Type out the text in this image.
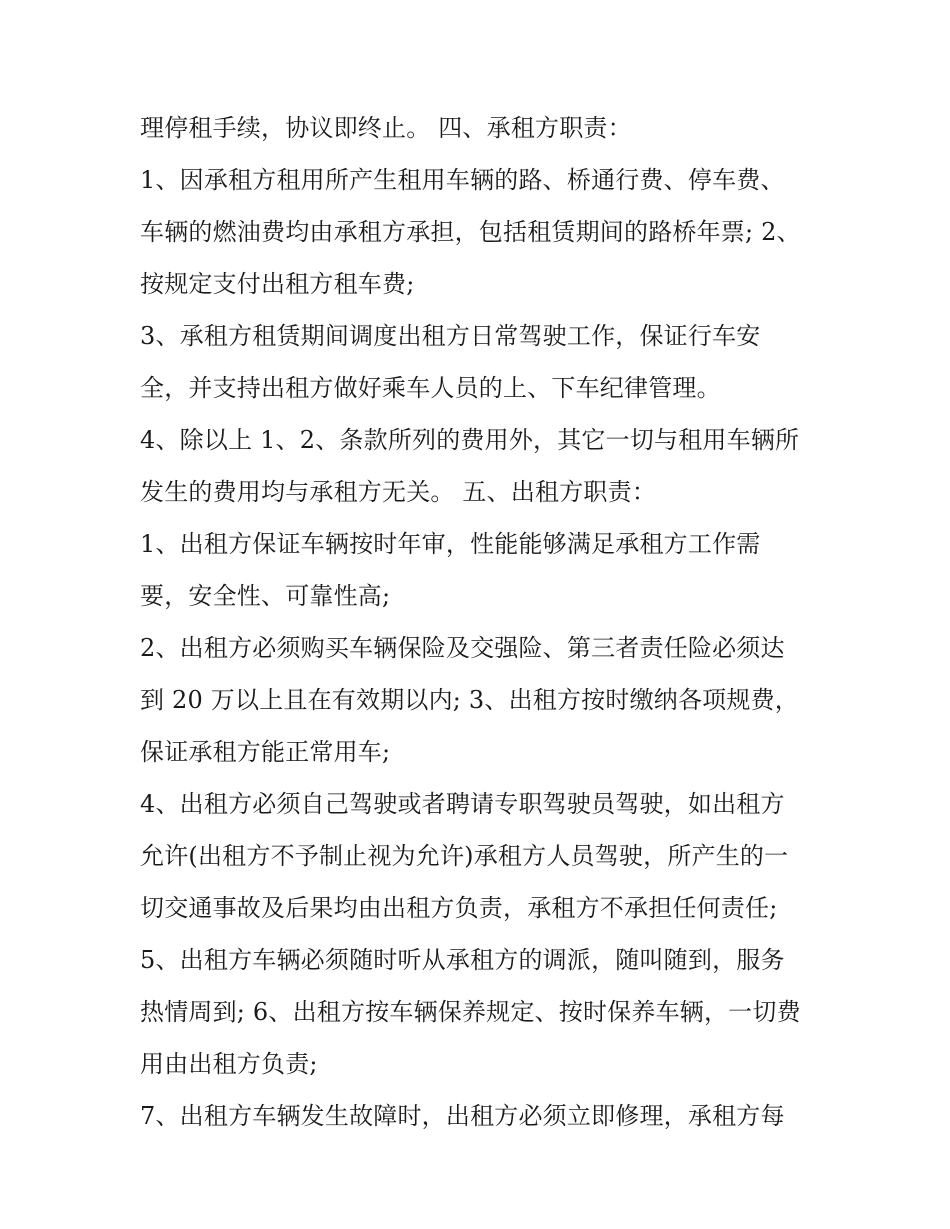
理停租手续，协议即终止。 四、承租方职责：
1、因承租方租用所产生租用车辆的路、桥通行费、停车费、
车辆的燃油费均由承租方承担，包括租赁期间的路桥年票; 2、
按规定支付出租方租车费;
3、承租方租赁期间调度出租方日常驾驶工作，保证行车安
全，并支持出租方做好乘车人员的上、下车纪律管理。
4、除以上 1、2、条款所列的费用外，其它一切与租用车辆所
发生的费用均与承租方无关。 五、出租方职责：
1、出租方保证车辆按时年审，性能能够满足承租方工作需
要，安全性、可靠性高;
2、出租方必须购买车辆保险及交强险、第三者责任险必须达
到 20 万以上且在有效期以内; 3、出租方按时缴纳各项规费，
保证承租方能正常用车;
4、出租方必须自己驾驶或者聘请专职驾驶员驾驶，如出租方
允许(出租方不予制止视为允许)承租方人员驾驶，所产生的一
切交通事故及后果均由出租方负责，承租方不承担任何责任;
5、出租方车辆必须随时听从承租方的调派，随叫随到，服务
热情周到; 6、出租方按车辆保养规定、按时保养车辆，一切费
用由出租方负责;
7、出租方车辆发生故障时，出租方必须立即修理，承租方每
